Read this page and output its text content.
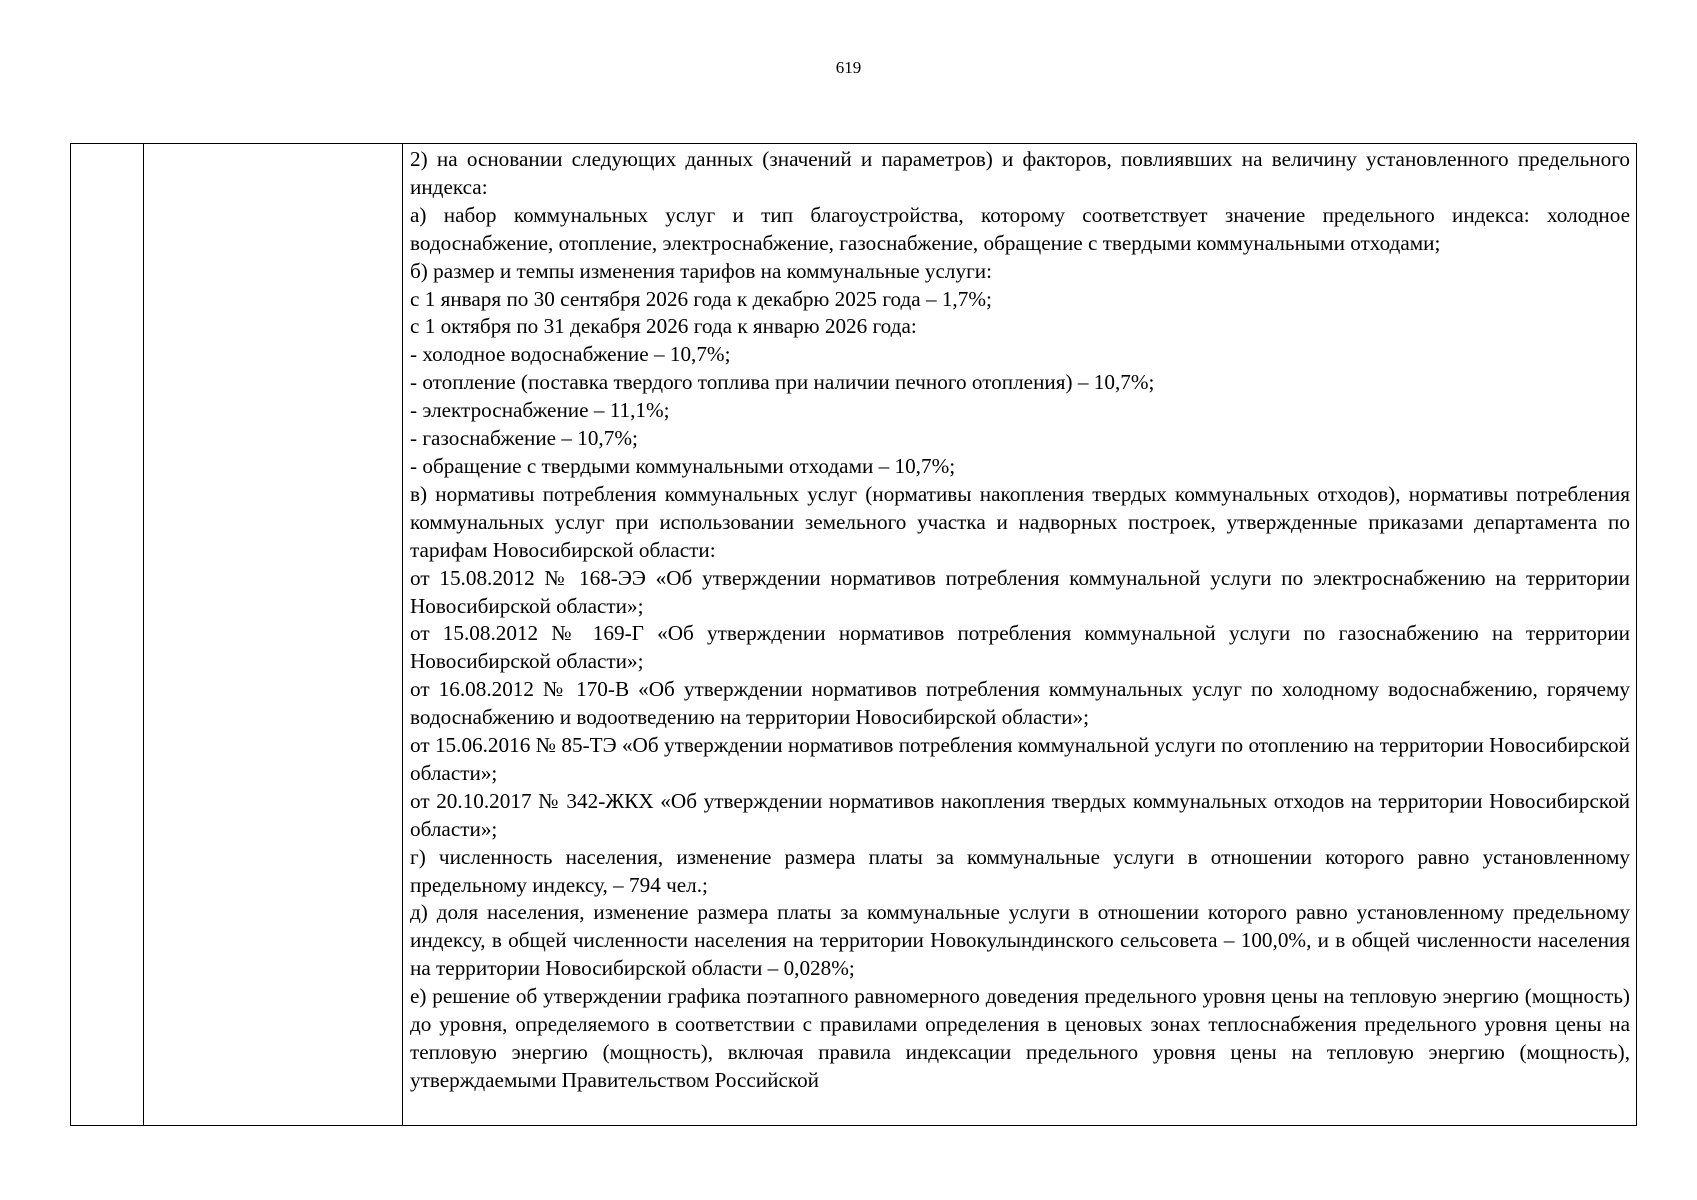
619

2) на основании следующих данных (значений и параметров) и факторов, повлиявших на величину установленного предельного индекса:

а) набор коммунальных услуг и тип благоустройства, которому соответствует значение предельного индекса: холодное водоснабжение, отопление, электроснабжение, газоснабжение, обращение с твердыми коммунальными отходами;

б) размер и темпы изменения тарифов на коммунальные услуги:

с 1 января по 30 сентября 2026 года к декабрю 2025 года – 1,7%;

с 1 октября по 31 декабря 2026 года к январю 2026 года:

- холодное водоснабжение – 10,7%;

- отопление (поставка твердого топлива при наличии печного отопления) – 10,7%;

- электроснабжение – 11,1%;

- газоснабжение – 10,7%;

- обращение с твердыми коммунальными отходами – 10,7%;

в) нормативы потребления коммунальных услуг (нормативы накопления твердых коммунальных отходов), нормативы потребления коммунальных услуг при использовании земельного участка и надворных построек, утвержденные приказами департамента по тарифам Новосибирской области:

от 15.08.2012 № 168-ЭЭ «Об утверждении нормативов потребления коммунальной услуги по электроснабжению на территории Новосибирской области»;

от 15.08.2012 № 169-Г «Об утверждении нормативов потребления коммунальной услуги по газоснабжению на территории Новосибирской области»;

от 16.08.2012 № 170-В «Об утверждении нормативов потребления коммунальных услуг по холодному водоснабжению, горячему водоснабжению и водоотведению на территории Новосибирской области»;

от 15.06.2016 № 85-ТЭ «Об утверждении нормативов потребления коммунальной услуги по отоплению на территории Новосибирской области»;

от 20.10.2017 № 342-ЖКХ «Об утверждении нормативов накопления твердых коммунальных отходов на территории Новосибирской области»;

г) численность населения, изменение размера платы за коммунальные услуги в отношении которого равно установленному предельному индексу, – 794 чел.;

д) доля населения, изменение размера платы за коммунальные услуги в отношении которого равно установленному предельному индексу, в общей численности населения на территории Новокулындинского сельсовета – 100,0%, и в общей численности населения на территории Новосибирской области – 0,028%;

е) решение об утверждении графика поэтапного равномерного доведения предельного уровня цены на тепловую энергию (мощность) до уровня, определяемого в соответствии с правилами определения в ценовых зонах теплоснабжения предельного уровня цены на тепловую энергию (мощность), включая правила индексации предельного уровня цены на тепловую энергию (мощность), утверждаемыми Правительством Российской
